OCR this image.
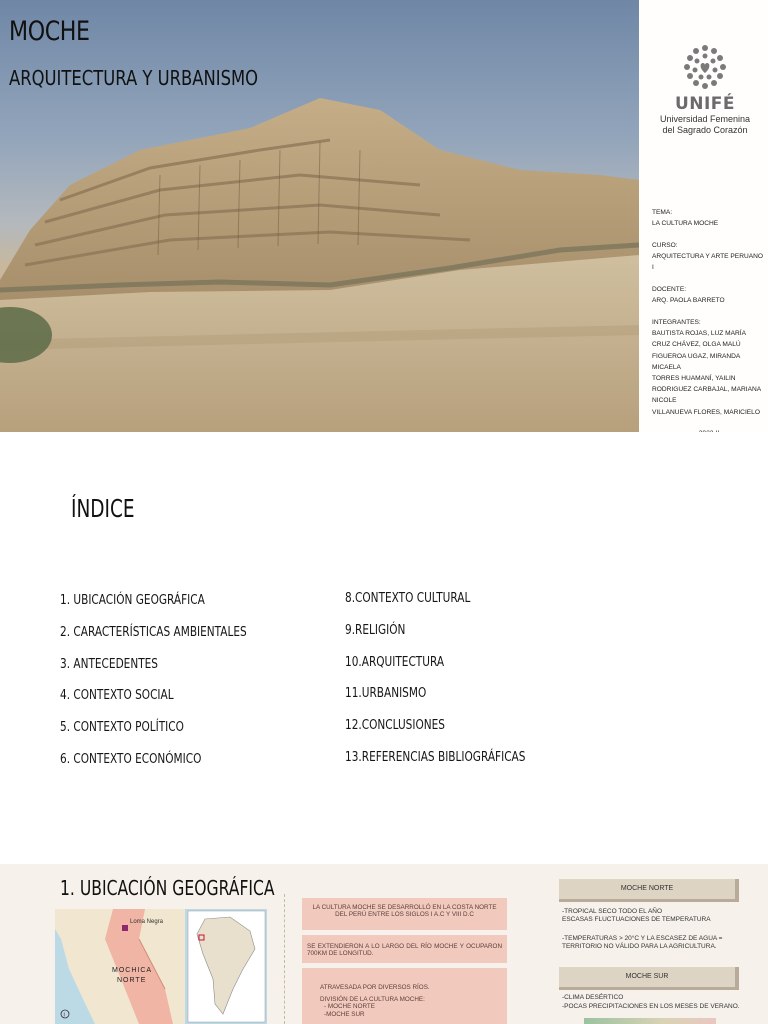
MOCHE
ARQUITECTURA Y URBANISMO
UNIFÉ
Universidad Femenina
del Sagrado Corazón
TEMA:
LA CULTURA MOCHE
CURSO:
ARQUITECTURA Y ARTE PERUANO I
DOCENTE:
ARQ. PAOLA BARRETO
INTEGRANTES:
BAUTISTA ROJAS, LUZ MARÍA
CRUZ CHÁVEZ, OLGA MALÚ
FIGUEROA UGAZ, MIRANDA MICAELA
TORRES HUAMANÍ, YAILIN
RODRIGUEZ CARBAJAL, MARIANA
NICOLE
VILLANUEVA FLORES, MARICIELO
ÍNDICE
1. UBICACIÓN GEOGRÁFICA
2. CARACTERÍSTICAS AMBIENTALES
3. ANTECEDENTES
4. CONTEXTO SOCIAL
5. CONTEXTO POLÍTICO
6. CONTEXTO ECONÓMICO
8.CONTEXTO CULTURAL
9.RELIGIÓN
10.ARQUITECTURA
11.URBANISMO
12.CONCLUSIONES
13.REFERENCIAS BIBLIOGRÁFICAS
1. UBICACIÓN GEOGRÁFICA
Loma Negra
MOCHICA
NORTE
i
LA CULTURA MOCHE SE DESARROLLÓ EN LA COSTA NORTE DEL PERÚ ENTRE LOS SIGLOS I A.C Y VIII D.C
SE EXTENDIERON A LO LARGO DEL RÍO MOCHE Y OCUPARON 700KM DE LONGITUD.
ATRAVESADA POR DIVERSOS RÍOS.
DIVISIÓN DE LA CULTURA MOCHE:
- MOCHE NORTE
-MOCHE SUR
MOCHE NORTE
-TROPICAL SECO TODO EL AÑO
ESCASAS FLUCTUACIONES DE TEMPERATURA
-TEMPERATURAS > 20°C Y LA ESCASEZ DE AGUA =
TERRITORIO NO VÁLIDO PARA LA AGRICULTURA.
MOCHE SUR
-CLIMA DESÉRTICO
-POCAS PRECIPITACIONES EN LOS MESES DE VERANO.
